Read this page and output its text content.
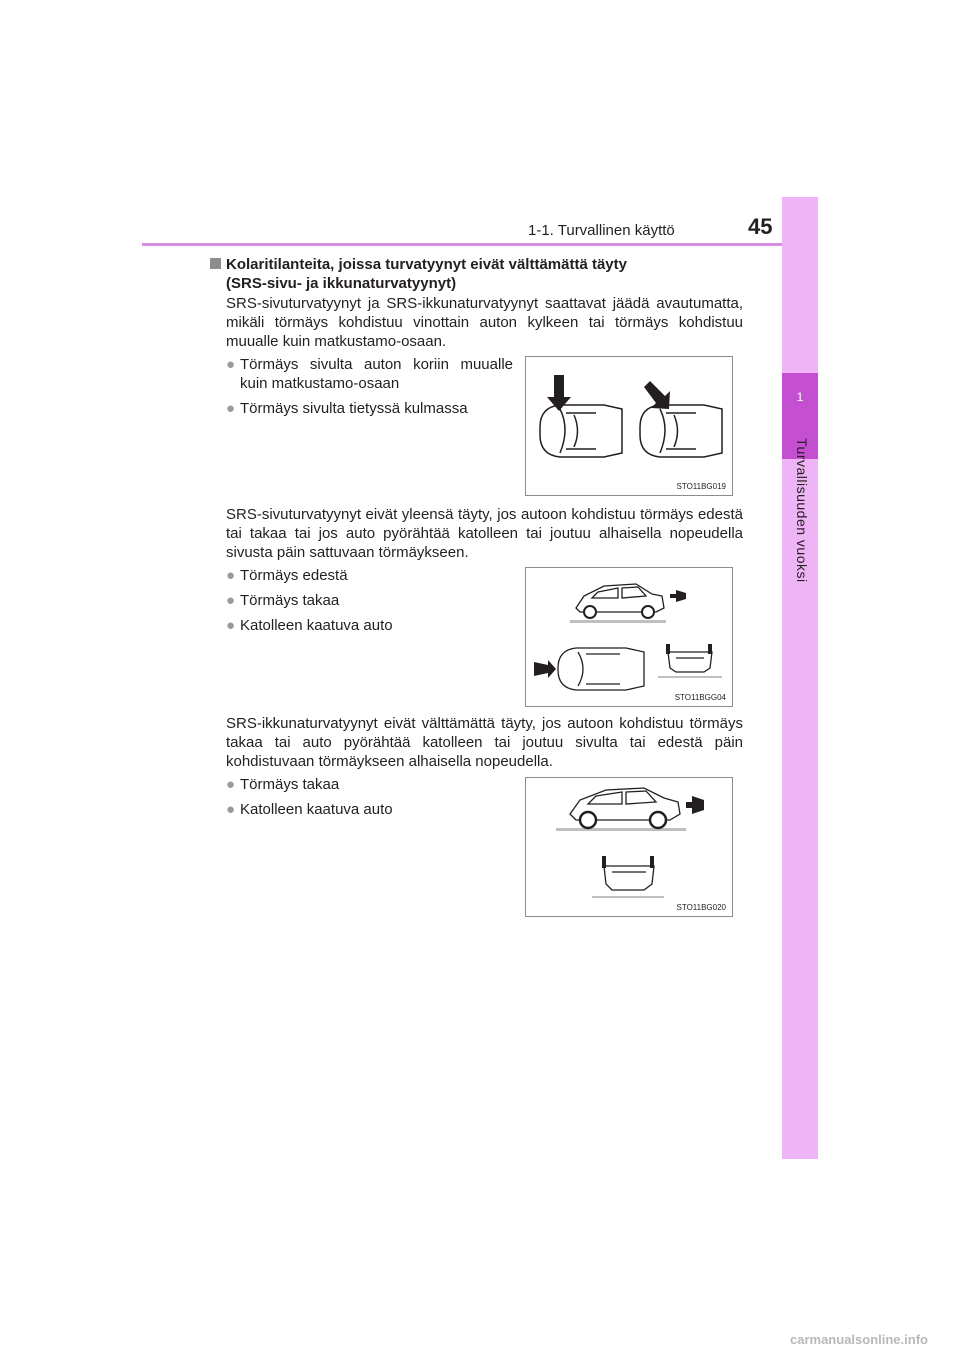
1-1. Turvallinen käyttö	45
1
Turvallisuuden vuoksi
Kolaritilanteita, joissa turvatyynyt eivät välttämättä täyty
(SRS-sivu- ja ikkunaturvatyynyt)
SRS-sivuturvatyynyt ja SRS-ikkunaturvatyynyt saattavat jäädä avautumatta, mikäli törmäys kohdistuu vinottain auton kylkeen tai törmäys kohdistuu muualle kuin matkustamo-osaan.
● Törmäys sivulta auton koriin muualle kuin matkustamo-osaan
● Törmäys sivulta tietyssä kulmassa
STO11BG019
SRS-sivuturvatyynyt eivät yleensä täyty, jos autoon kohdistuu törmäys edestä tai takaa tai jos auto pyörähtää katolleen tai joutuu alhaisella nopeudella sivusta päin sattuvaan törmäykseen.
● Törmäys edestä
● Törmäys takaa
● Katolleen kaatuva auto
STO11BGG04
SRS-ikkunaturvatyynyt eivät välttämättä täyty, jos autoon kohdistuu törmäys takaa tai auto pyörähtää katolleen tai joutuu sivulta tai edestä päin kohdistuvaan törmäykseen alhaisella nopeudella.
● Törmäys takaa
● Katolleen kaatuva auto
STO11BG020
carmanualsonline.info
